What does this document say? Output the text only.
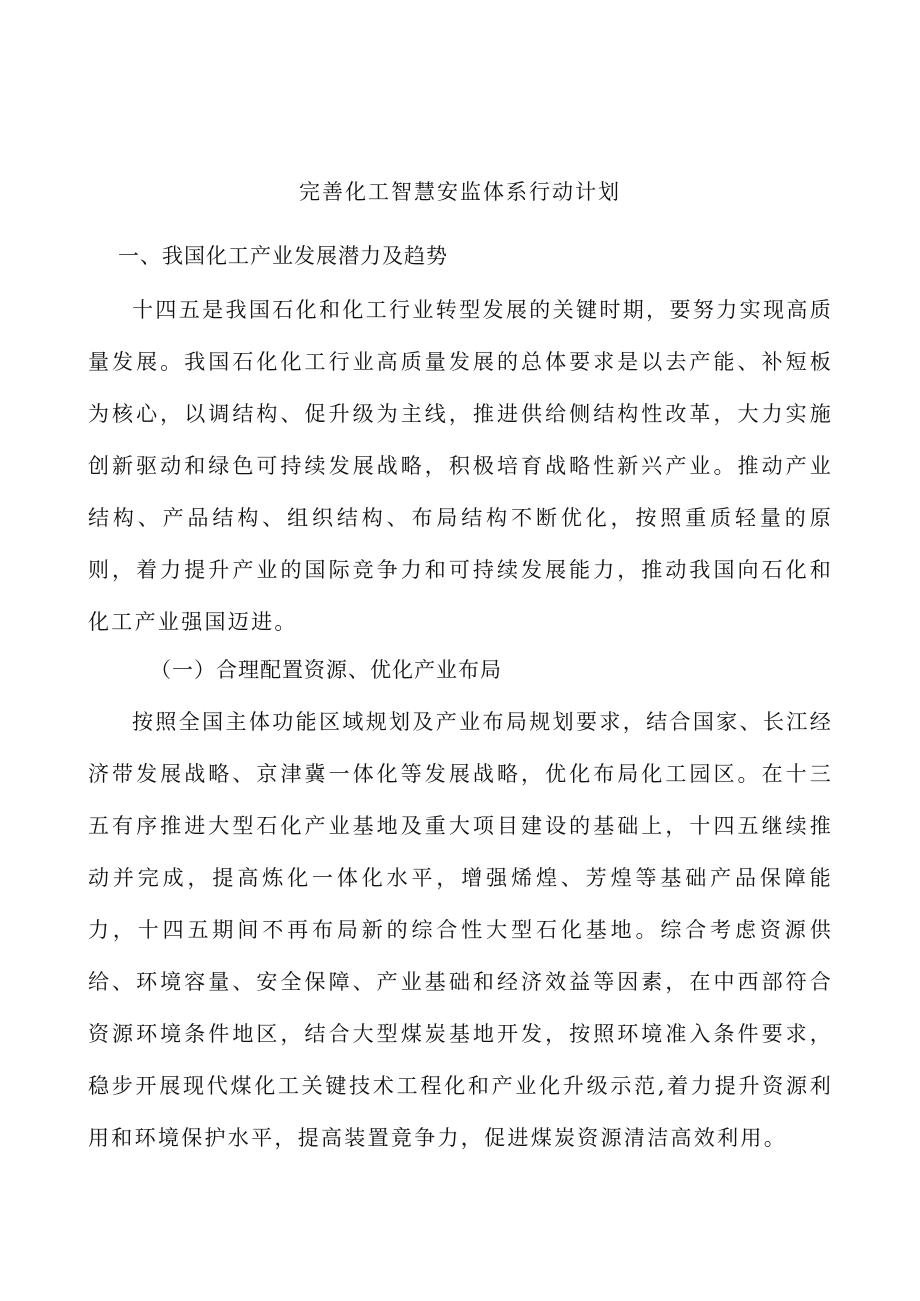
完善化工智慧安监体系行动计划
一、我国化工产业发展潜力及趋势

十四五是我国石化和化工行业转型发展的关键时期，要努力实现高质量发展。我国石化化工行业高质量发展的总体要求是以去产能、补短板为核心，以调结构、促升级为主线，推进供给侧结构性改革，大力实施创新驱动和绿色可持续发展战略，积极培育战略性新兴产业。推动产业结构、产品结构、组织结构、布局结构不断优化，按照重质轻量的原则，着力提升产业的国际竞争力和可持续发展能力，推动我国向石化和化工产业强国迈进。

（一）合理配置资源、优化产业布局

按照全国主体功能区域规划及产业布局规划要求，结合国家、长江经济带发展战略、京津冀一体化等发展战略，优化布局化工园区。在十三五有序推进大型石化产业基地及重大项目建设的基础上，十四五继续推动并完成，提高炼化一体化水平，增强烯煌、芳煌等基础产品保障能力，十四五期间不再布局新的综合性大型石化基地。综合考虑资源供给、环境容量、安全保障、产业基础和经济效益等因素，在中西部符合资源环境条件地区，结合大型煤炭基地开发，按照环境准入条件要求，稳步开展现代煤化工关键技术工程化和产业化升级示范,着力提升资源利用和环境保护水平，提高装置竟争力，促进煤炭资源清洁高效利用。
